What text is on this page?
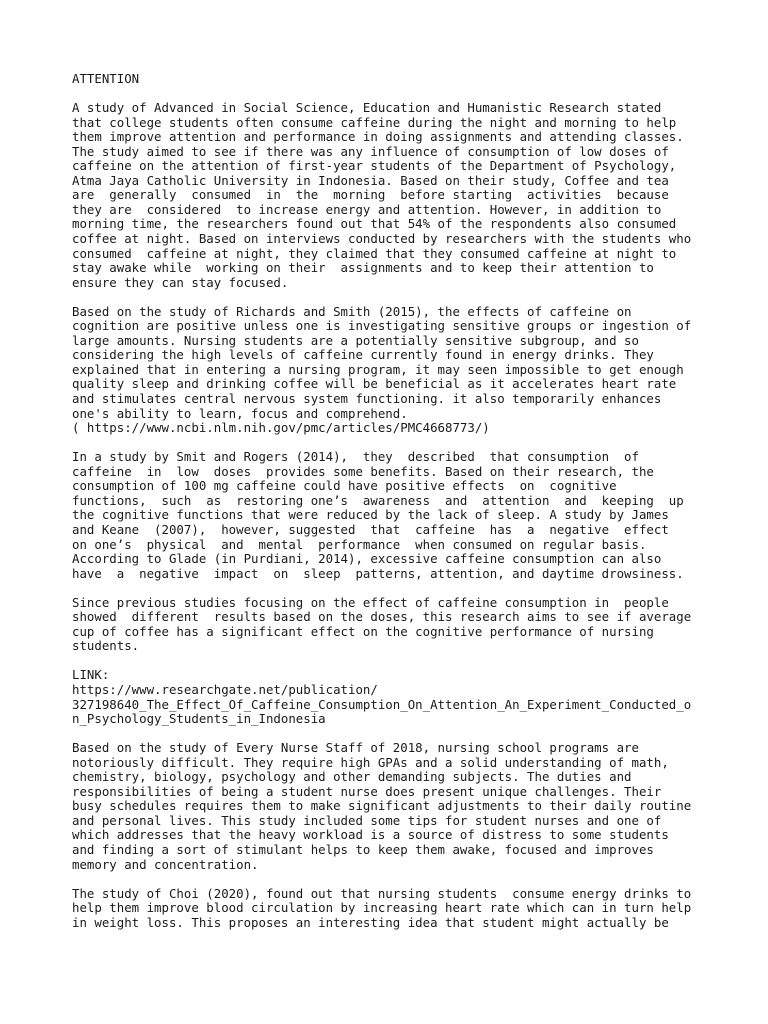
ATTENTION
A study of Advanced in Social Science, Education and Humanistic Research stated
that college students often consume caffeine during the night and morning to help
them improve attention and performance in doing assignments and attending classes.
The study aimed to see if there was any influence of consumption of low doses of
caffeine on the attention of first-year students of the Department of Psychology,
Atma Jaya Catholic University in Indonesia. Based on their study, Coffee and tea
are  generally  consumed  in  the  morning  before starting  activities  because
they are  considered  to increase energy and attention. However, in addition to
morning time, the researchers found out that 54% of the respondents also consumed
coffee at night. Based on interviews conducted by researchers with the students who
consumed  caffeine at night, they claimed that they consumed caffeine at night to
stay awake while  working on their  assignments and to keep their attention to
ensure they can stay focused.
Based on the study of Richards and Smith (2015), the effects of caffeine on
cognition are positive unless one is investigating sensitive groups or ingestion of
large amounts. Nursing students are a potentially sensitive subgroup, and so
considering the high levels of caffeine currently found in energy drinks. They
explained that in entering a nursing program, it may seen impossible to get enough
quality sleep and drinking coffee will be beneficial as it accelerates heart rate
and stimulates central nervous system functioning. it also temporarily enhances
one's ability to learn, focus and comprehend.
( https://www.ncbi.nlm.nih.gov/pmc/articles/PMC4668773/)
In a study by Smit and Rogers (2014),  they  described  that consumption  of
caffeine  in  low  doses  provides some benefits. Based on their research, the
consumption of 100 mg caffeine could have positive effects  on  cognitive
functions,  such  as  restoring one’s  awareness  and  attention  and  keeping  up
the cognitive functions that were reduced by the lack of sleep. A study by James
and Keane  (2007),  however, suggested  that  caffeine  has  a  negative  effect
on one’s  physical  and  mental  performance  when consumed on regular basis.
According to Glade (in Purdiani, 2014), excessive caffeine consumption can also
have  a  negative  impact  on  sleep  patterns, attention, and daytime drowsiness.
Since previous studies focusing on the effect of caffeine consumption in  people
showed  different  results based on the doses, this research aims to see if average
cup of coffee has a significant effect on the cognitive performance of nursing
students.
LINK:
https://www.researchgate.net/publication/
327198640_The_Effect_Of_Caffeine_Consumption_On_Attention_An_Experiment_Conducted_o
n_Psychology_Students_in_Indonesia
Based on the study of Every Nurse Staff of 2018, nursing school programs are
notoriously difficult. They require high GPAs and a solid understanding of math,
chemistry, biology, psychology and other demanding subjects. The duties and
responsibilities of being a student nurse does present unique challenges. Their
busy schedules requires them to make significant adjustments to their daily routine
and personal lives. This study included some tips for student nurses and one of
which addresses that the heavy workload is a source of distress to some students
and finding a sort of stimulant helps to keep them awake, focused and improves
memory and concentration.
The study of Choi (2020), found out that nursing students  consume energy drinks to
help them improve blood circulation by increasing heart rate which can in turn help
in weight loss. This proposes an interesting idea that student might actually be
